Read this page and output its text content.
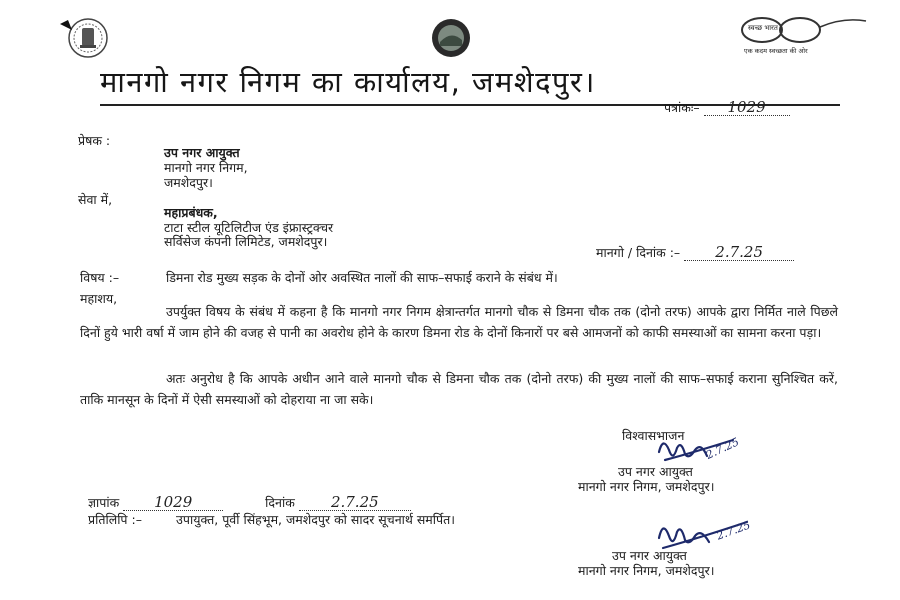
स्वच्छ भारत
एक कदम स्वच्छता की ओर
मानगो नगर निगम का कार्यालय, जमशेदपुर।
पत्रांकः– 1029
प्रेषक :
उप नगर आयुक्त
मानगो नगर निगम,
जमशेदपुर।
सेवा में,
महाप्रबंधक,
टाटा स्टील यूटिलिटीज एंड इंफ्रास्ट्रक्चर
सर्विसेज कंपनी लिमिटेड, जमशेदपुर।
मानगो / दिनांक :– 2.7.25
विषय :–	डिमना रोड मुख्य सड़क के दोनों ओर अवस्थित नालों की साफ–सफाई कराने के संबंध में।
महाशय,
उपर्युक्त विषय के संबंध में कहना है कि मानगो नगर निगम क्षेत्रान्तर्गत मानगो चौक से डिमना चौक तक (दोनो तरफ) आपके द्वारा निर्मित नाले पिछले दिनों हुये भारी वर्षा में जाम होने की वजह से पानी का अवरोध होने के कारण डिमना रोड के दोनों किनारों पर बसे आमजनों को काफी समस्याओं का सामना करना पड़ा।
अतः अनुरोध है कि आपके अधीन आने वाले मानगो चौक से डिमना चौक तक (दोनो तरफ) की मुख्य नालों की साफ–सफाई कराना सुनिश्चित करें, ताकि मानसून के दिनों में ऐसी समस्याओं को दोहराया ना जा सके।
विश्वासभाजन 2.7.25
उप नगर आयुक्त
मानगो नगर निगम, जमशेदपुर।
ज्ञापांक 1029	दिनांक 2.7.25
प्रतिलिपि :–	उपायुक्त, पूर्वी सिंहभूम, जमशेदपुर को सादर सूचनार्थ समर्पित।	2.7.25
उप नगर आयुक्त
मानगो नगर निगम, जमशेदपुर।
